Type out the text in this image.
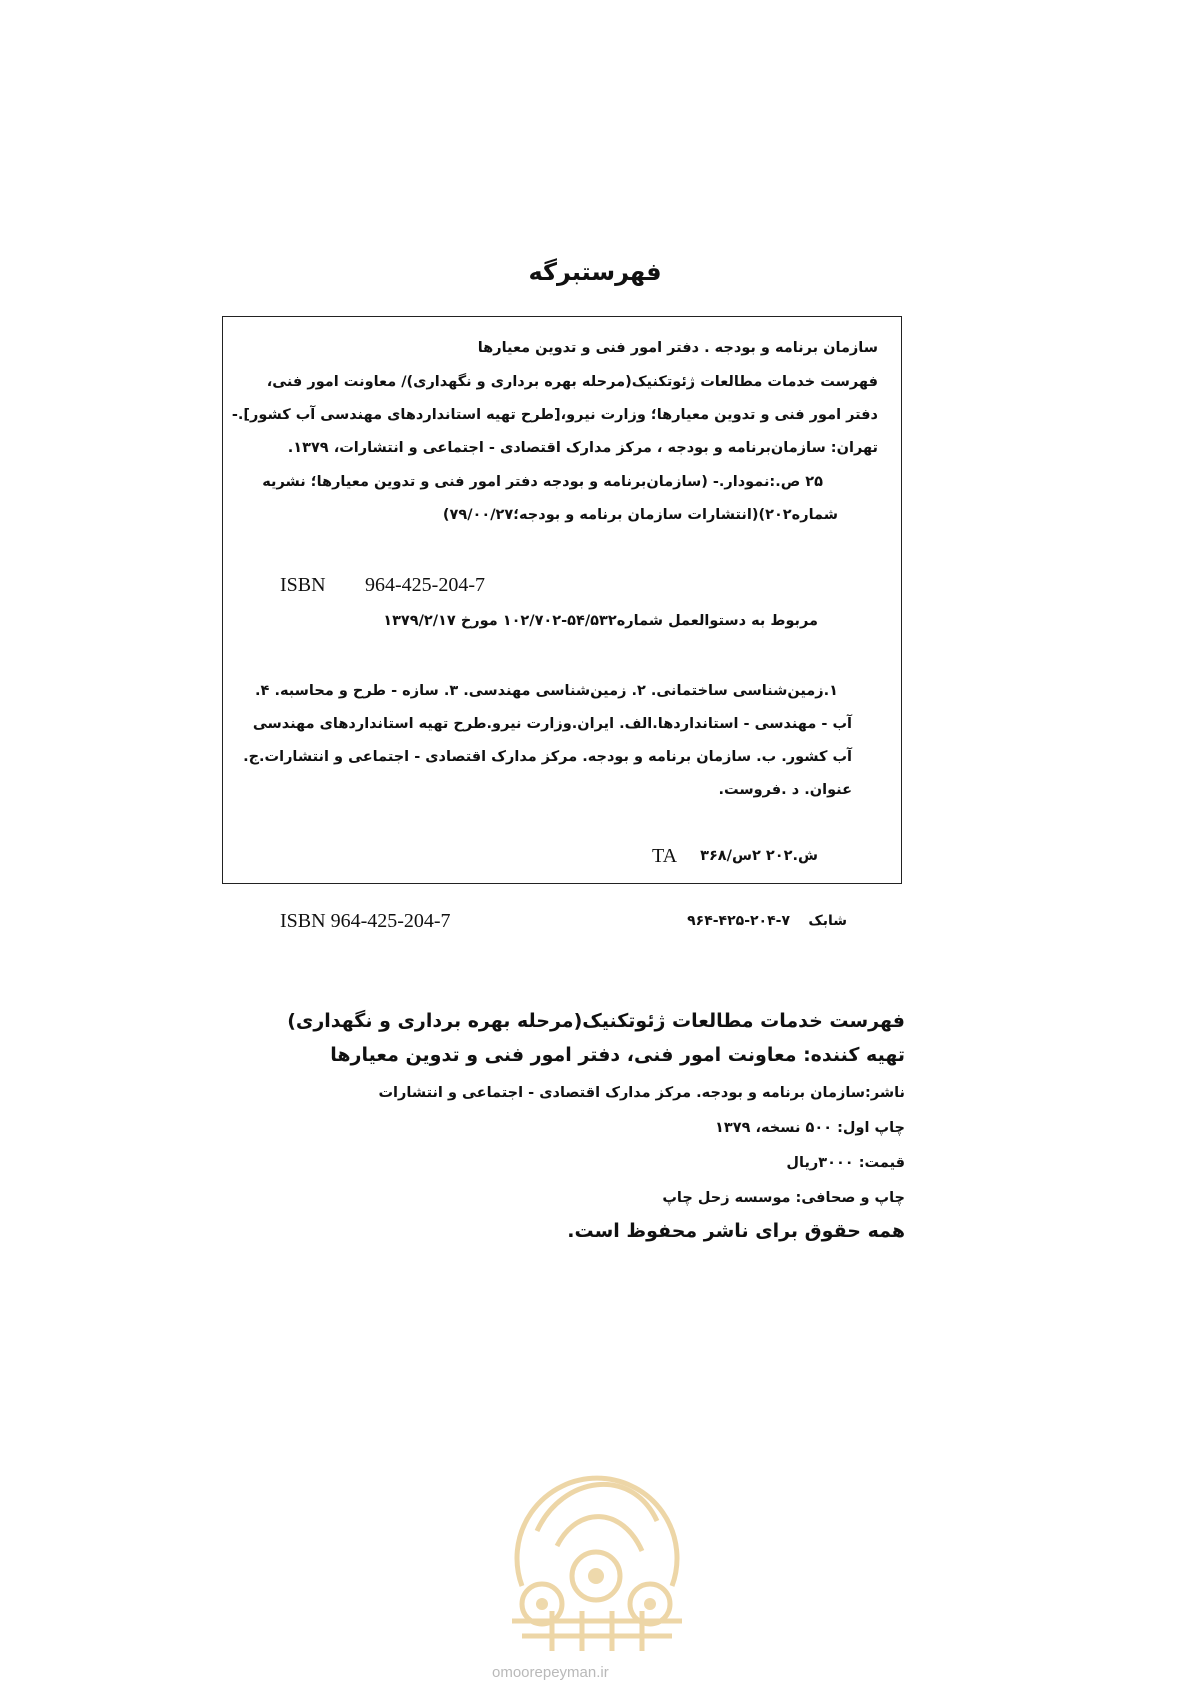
فهرستبرگه
سازمان برنامه و بودجه . دفتر امور فنی و تدوین معیارها
فهرست خدمات مطالعات ژئوتکنیک(مرحله بهره برداری و نگهداری)/ معاونت امور فنی،
دفتر امور فنی و تدوین معیارها؛ وزارت نیرو،[طرح تهیه استانداردهای مهندسی آب کشور].-
تهران: سازمان‌برنامه و بودجه ، مرکز مدارک اقتصادی - اجتماعی و انتشارات، ۱۳۷۹.
۲۵ ص.:نمودار.- (سازمان‌برنامه و بودجه دفتر امور فنی و تدوین معیارها؛ نشریه
شماره۲۰۲)(انتشارات سازمان برنامه و بودجه؛۷۹/۰۰/۲۷)
ISBN 964-425-204-7
مربوط به دستوالعمل شماره۵۴/۵۳۲-۱۰۲/۷۰۲ مورخ ۱۳۷۹/۲/۱۷
۱.زمین‌شناسی ساختمانی. ۲. زمین‌شناسی مهندسی. ۳. سازه - طرح و محاسبه. ۴.
آب - مهندسی - استانداردها.الف. ایران.وزارت نیرو.طرح تهیه استانداردهای مهندسی
آب کشور. ب. سازمان برنامه و بودجه. مرکز مدارک اقتصادی - اجتماعی و انتشارات.ج.
عنوان. د .فروست.
ش.۲۰۲ ۲س/۳۶۸
TA
ISBN 964-425-204-7	شابک
۹۶۴-۴۲۵-۲۰۴-۷
فهرست خدمات مطالعات ژئوتکنیک(مرحله بهره برداری و نگهداری)
تهیه کننده: معاونت امور فنی، دفتر امور فنی و تدوین معیارها
ناشر:سازمان برنامه و بودجه. مرکز مدارک اقتصادی - اجتماعی و انتشارات
چاپ اول: ۵۰۰ نسخه، ۱۳۷۹
قیمت: ۳۰۰۰ریال
چاپ و صحافی: موسسه زحل چاپ
همه حقوق برای ناشر محفوظ است.
omoorepeyman.ir
